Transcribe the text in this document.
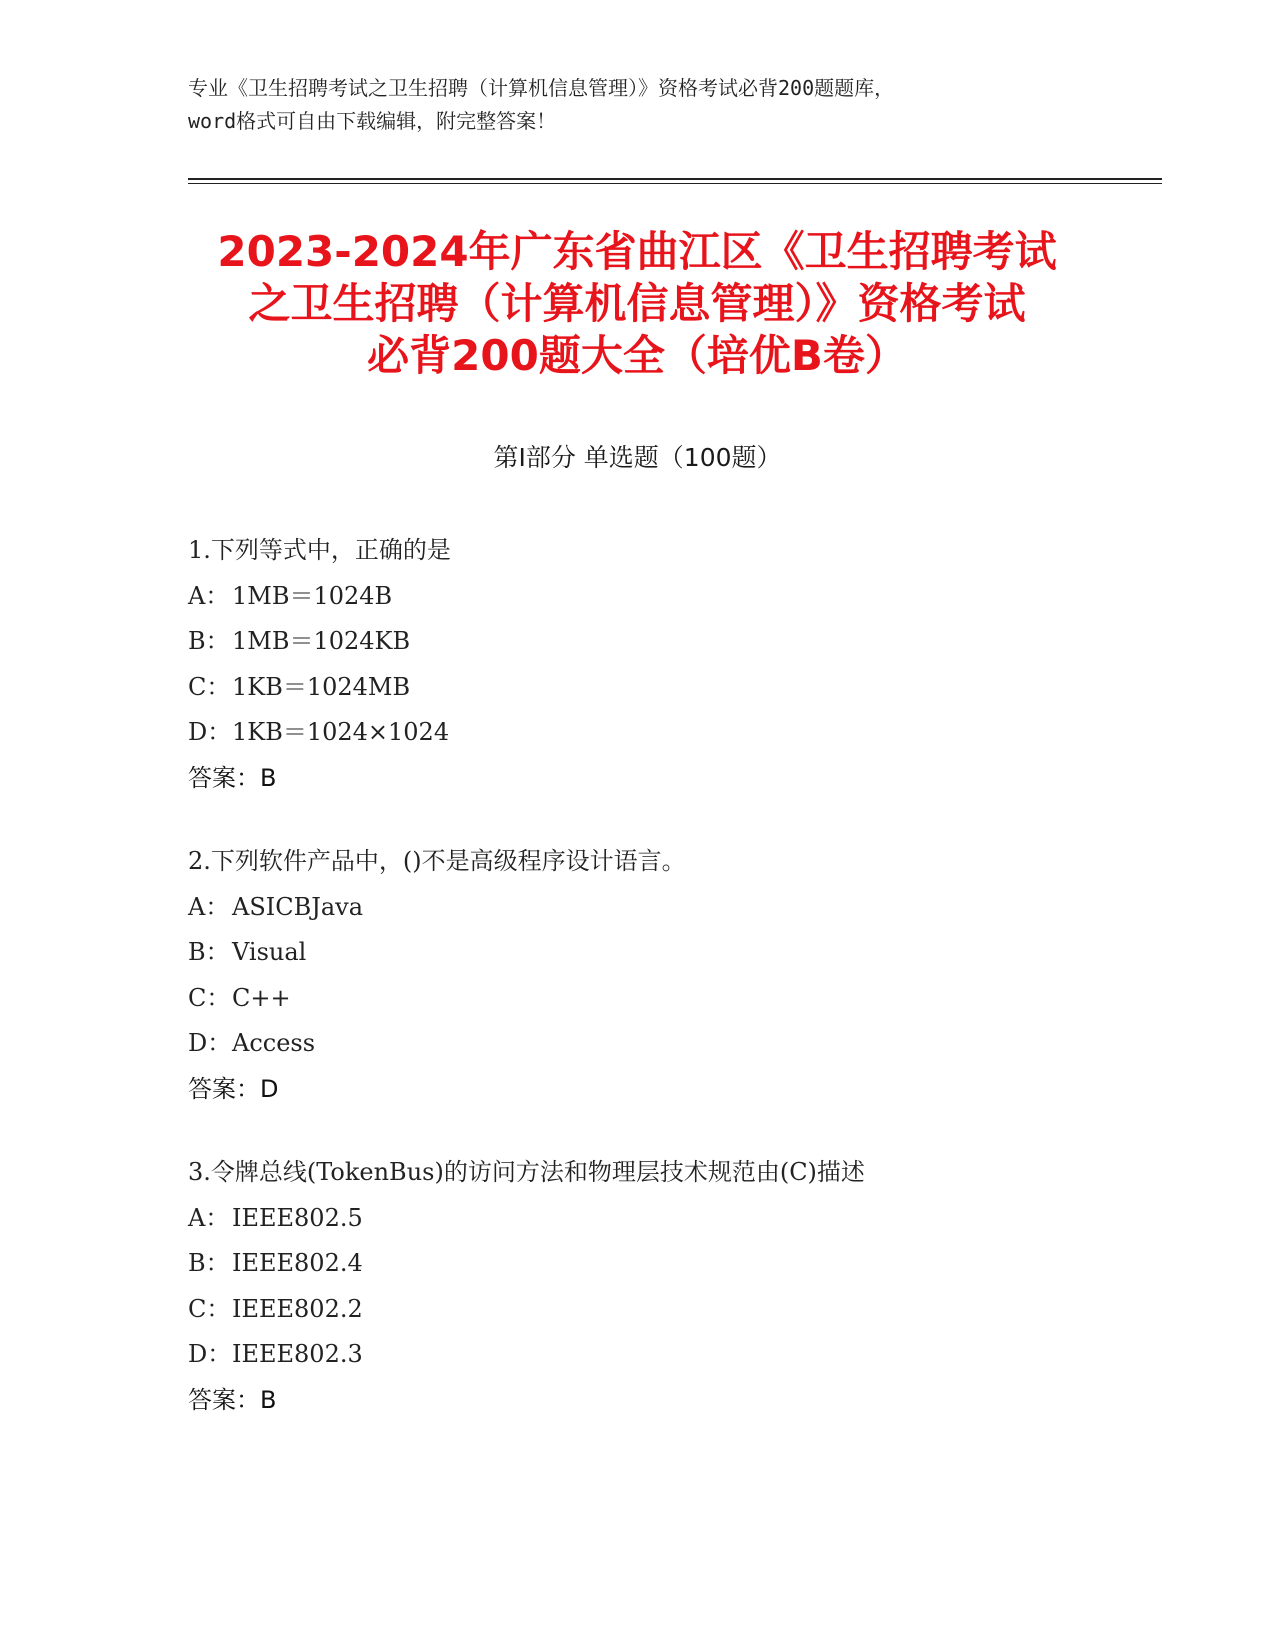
专业《卫生招聘考试之卫生招聘（计算机信息管理）》资格考试必背200题题库，
word格式可自由下载编辑，附完整答案！
2023-2024年广东省曲江区《卫生招聘考试
之卫生招聘（计算机信息管理）》资格考试
必背200题大全（培优B卷）
第I部分 单选题（100题）
1.下列等式中，正确的是
A： 1MB＝1024B
B：1MB＝1024KB
C：1KB＝1024MB
D：1KB＝1024×1024
答案：B
2.下列软件产品中，()不是高级程序设计语言。
A： ASICBJava
B：Visual
C：C++
D：Access
答案：D
3.令牌总线(TokenBus)的访问方法和物理层技术规范由(C)描述
A： IEEE802.5
B：IEEE802.4
C：IEEE802.2
D：IEEE802.3
答案：B
